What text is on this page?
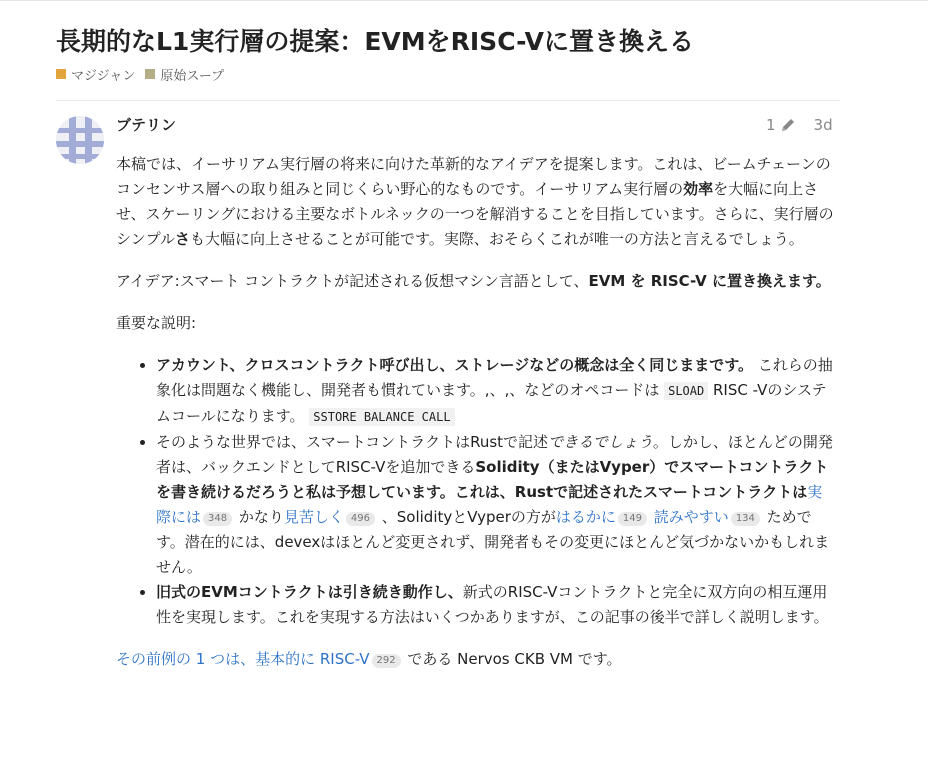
長期的なL1実行層の提案：EVMをRISC-Vに置き換える
マジジャン 原始スープ
ブテリン	1	3d

本稿では、イーサリアム実行層の将来に向けた革新的なアイデアを提案します。これは、ビームチェーンのコンセンサス層への取り組みと同じくらい野心的なものです。イーサリアム実行層の効率を大幅に向上させ、スケーリングにおける主要なボトルネックの一つを解消することを目指しています。さらに、実行層のシンプルさも大幅に向上させることが可能です。実際、おそらくこれが唯一の方法と言えるでしょう。

アイデア:スマート コントラクトが記述される仮想マシン言語として、EVM を RISC-V に置き換えます。

重要な説明:

• アカウント、クロスコントラクト呼び出し、ストレージなどの概念は全く同じままです。 これらの抽象化は問題なく機能し、開発者も慣れています。,、,、などのオペコードは SLOAD RISC -Vのシステムコールになります。 SSTORE BALANCE CALL
• そのような世界では、スマートコントラクトはRustで記述できるでしょう。しかし、ほとんどの開発者は、バックエンドとしてRISC-Vを追加できるSolidity（またはVyper）でスマートコントラクトを書き続けるだろうと私は予想しています。これは、Rustで記述されたスマートコントラクトは実際には 348 かなり見苦しく 496 、SolidityとVyperの方がはるかに 149 読みやすい 134 ためです。潜在的には、devexはほとんど変更されず、開発者もその変更にほとんど気づかないかもしれません。
• 旧式のEVMコントラクトは引き続き動作し、新式のRISC-Vコントラクトと完全に双方向の相互運用性を実現します。これを実現する方法はいくつかありますが、この記事の後半で詳しく説明します。

その前例の 1 つは、基本的に RISC-V 292 である Nervos CKB VM です。
